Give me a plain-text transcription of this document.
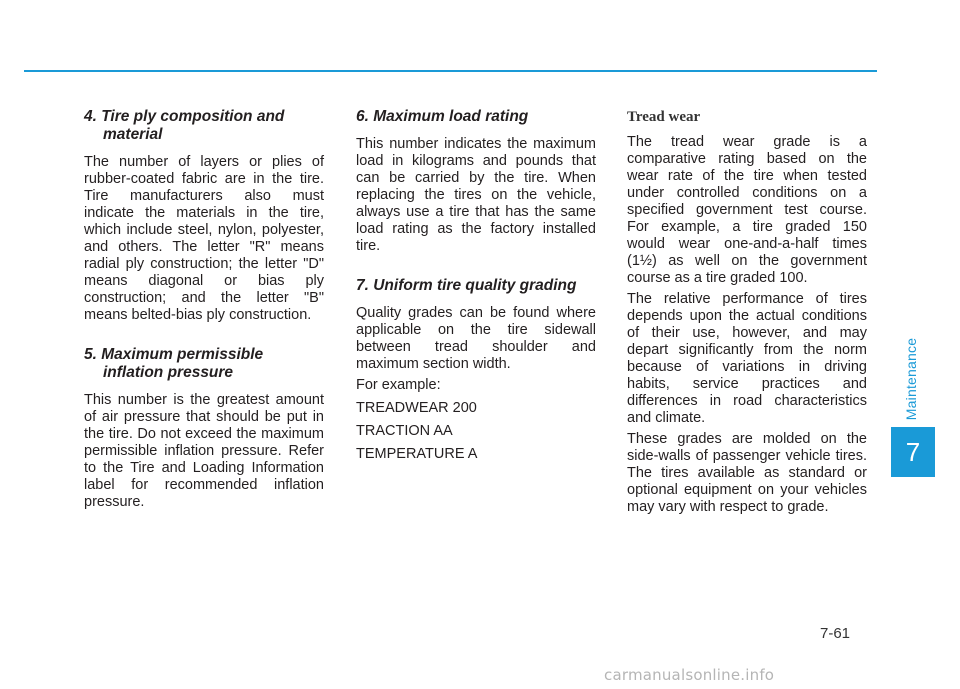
4. Tire ply composition and material

The number of layers or plies of rubber-coated fabric are in the tire. Tire manufacturers also must indicate the materials in the tire, which include steel, nylon, polyester, and others. The letter "R" means radial ply construction; the letter "D" means diagonal or bias ply construction; and the letter "B" means belted-bias ply construction.

5. Maximum permissible inflation pressure

This number is the greatest amount of air pressure that should be put in the tire. Do not exceed the maximum permissible inflation pressure. Refer to the Tire and Loading Information label for recommended inflation pressure.

6. Maximum load rating

This number indicates the maximum load in kilograms and pounds that can be carried by the tire. When replacing the tires on the vehicle, always use a tire that has the same load rating as the factory installed tire.

7. Uniform tire quality grading

Quality grades can be found where applicable on the tire sidewall between tread shoulder and maximum section width.

For example:

TREADWEAR 200

TRACTION AA

TEMPERATURE A

Tread wear

The tread wear grade is a comparative rating based on the wear rate of the tire when tested under controlled conditions on a specified government test course. For example, a tire graded 150 would wear one-and-a-half times (1½) as well on the government course as a tire graded 100.

The relative performance of tires depends upon the actual conditions of their use, however, and may depart significantly from the norm because of variations in driving habits, service practices and differences in road characteristics and climate.

These grades are molded on the side-walls of passenger vehicle tires. The tires available as standard or optional equipment on your vehicles may vary with respect to grade.

Maintenance
7
7-61
carmanualsonline.info
